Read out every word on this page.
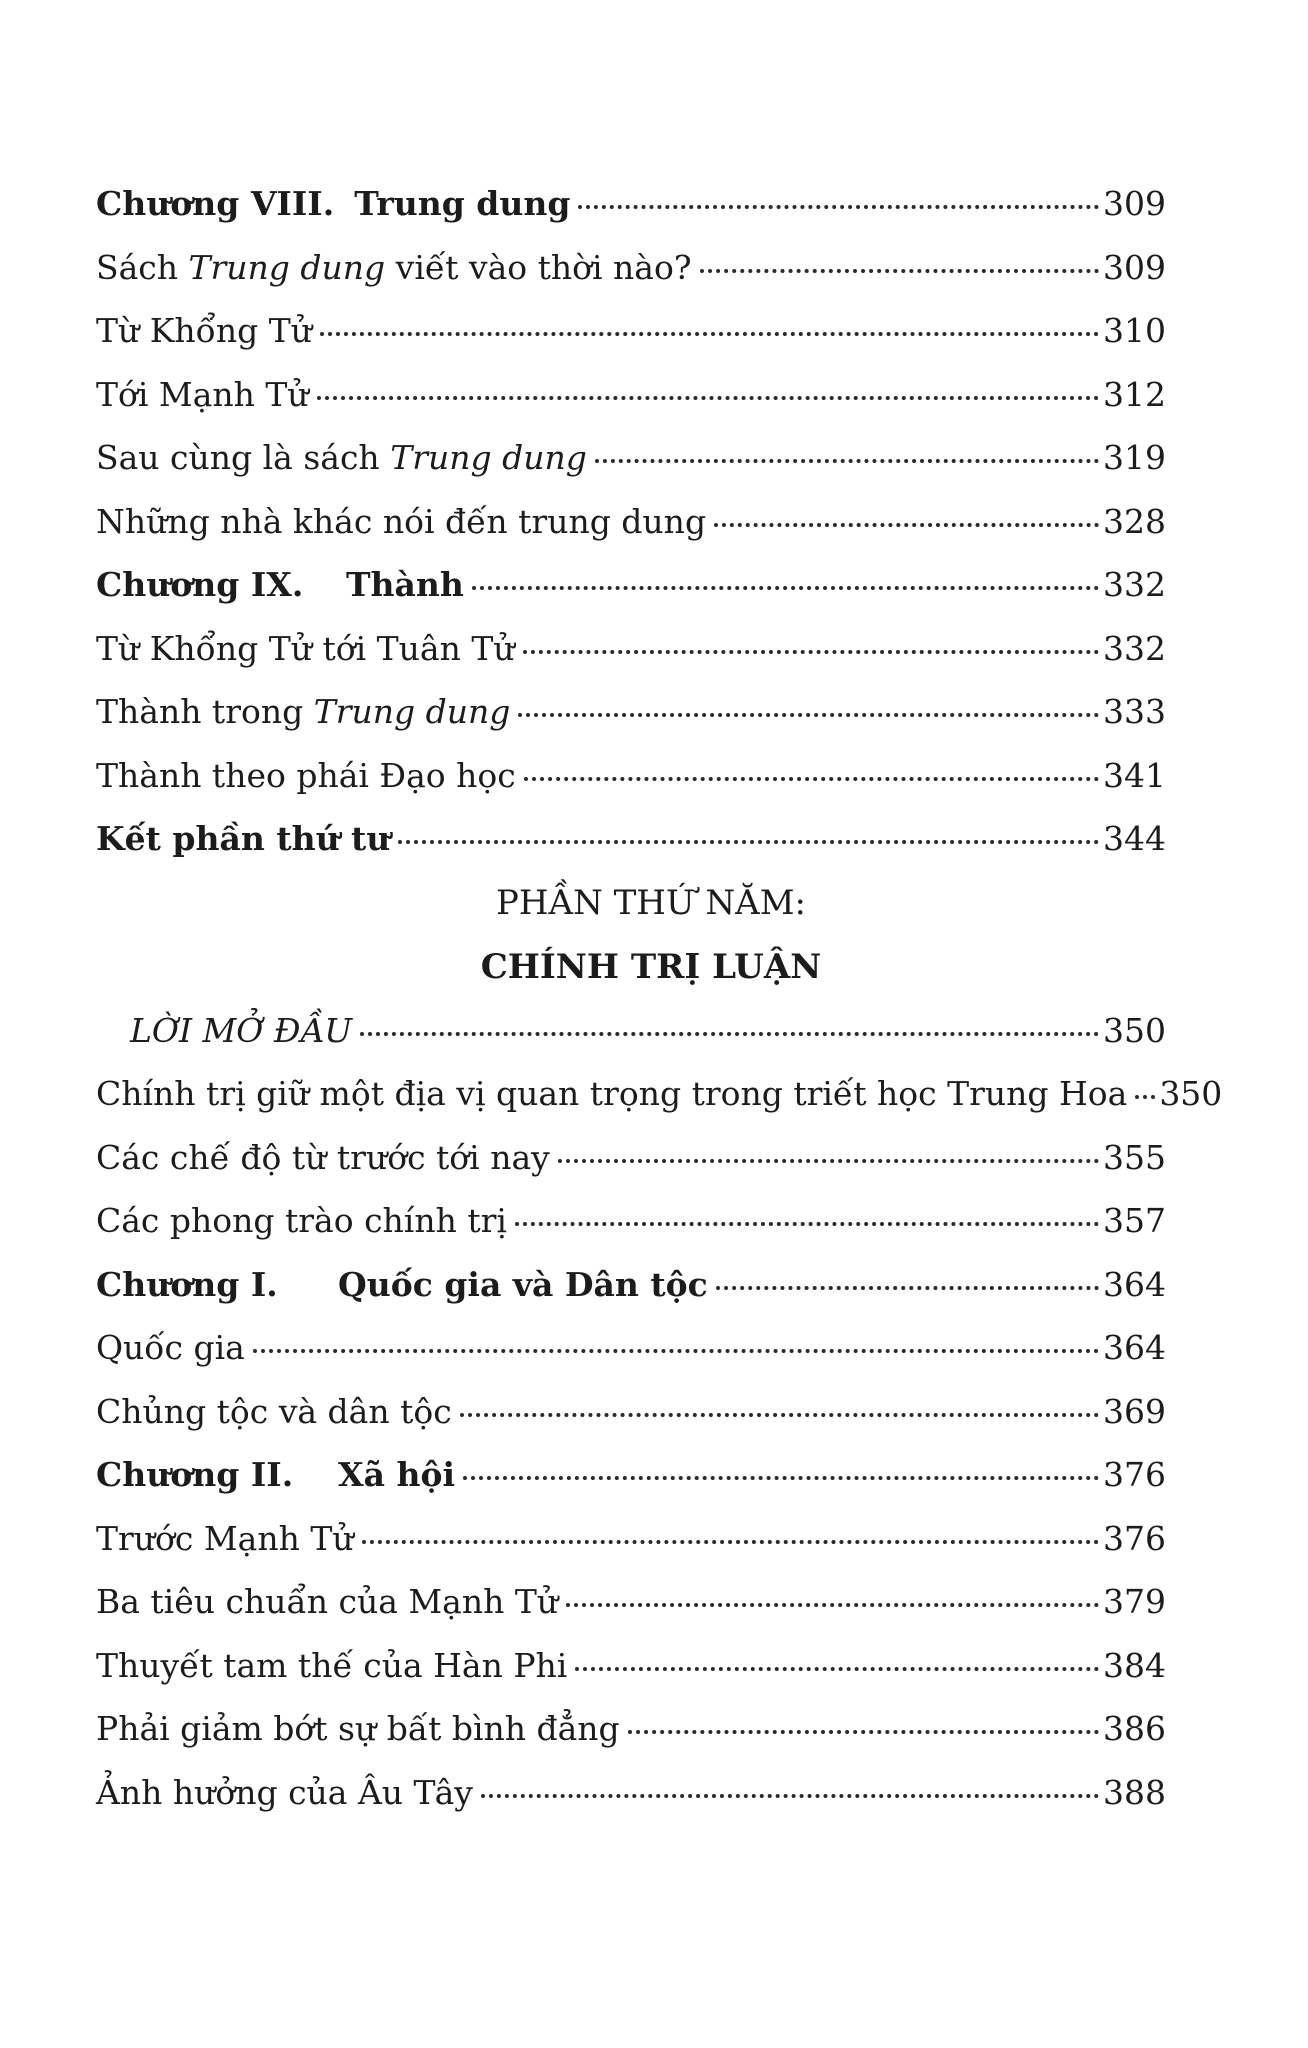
Chương VIII. Trung dung	309
Sách Trung dung viết vào thời nào?	309
Từ Khổng Tử	310
Tới Mạnh Tử	312
Sau cùng là sách Trung dung	319
Những nhà khác nói đến trung dung	328
Chương IX. Thành	332
Từ Khổng Tử tới Tuân Tử	332
Thành trong Trung dung	333
Thành theo phái Đạo học	341
Kết phần thứ tư	344
PHẦN THỨ NĂM:
CHÍNH TRỊ LUẬN
LỜI MỞ ĐẦU	350
Chính trị giữ một địa vị quan trọng trong triết học Trung Hoa 350
Các chế độ từ trước tới nay	355
Các phong trào chính trị	357
Chương I. Quốc gia và Dân tộc	364
Quốc gia	364
Chủng tộc và dân tộc	369
Chương II. Xã hội	376
Trước Mạnh Tử	376
Ba tiêu chuẩn của Mạnh Tử	379
Thuyết tam thế của Hàn Phi	384
Phải giảm bớt sự bất bình đẳng	386
Ảnh hưởng của Âu Tây	388
